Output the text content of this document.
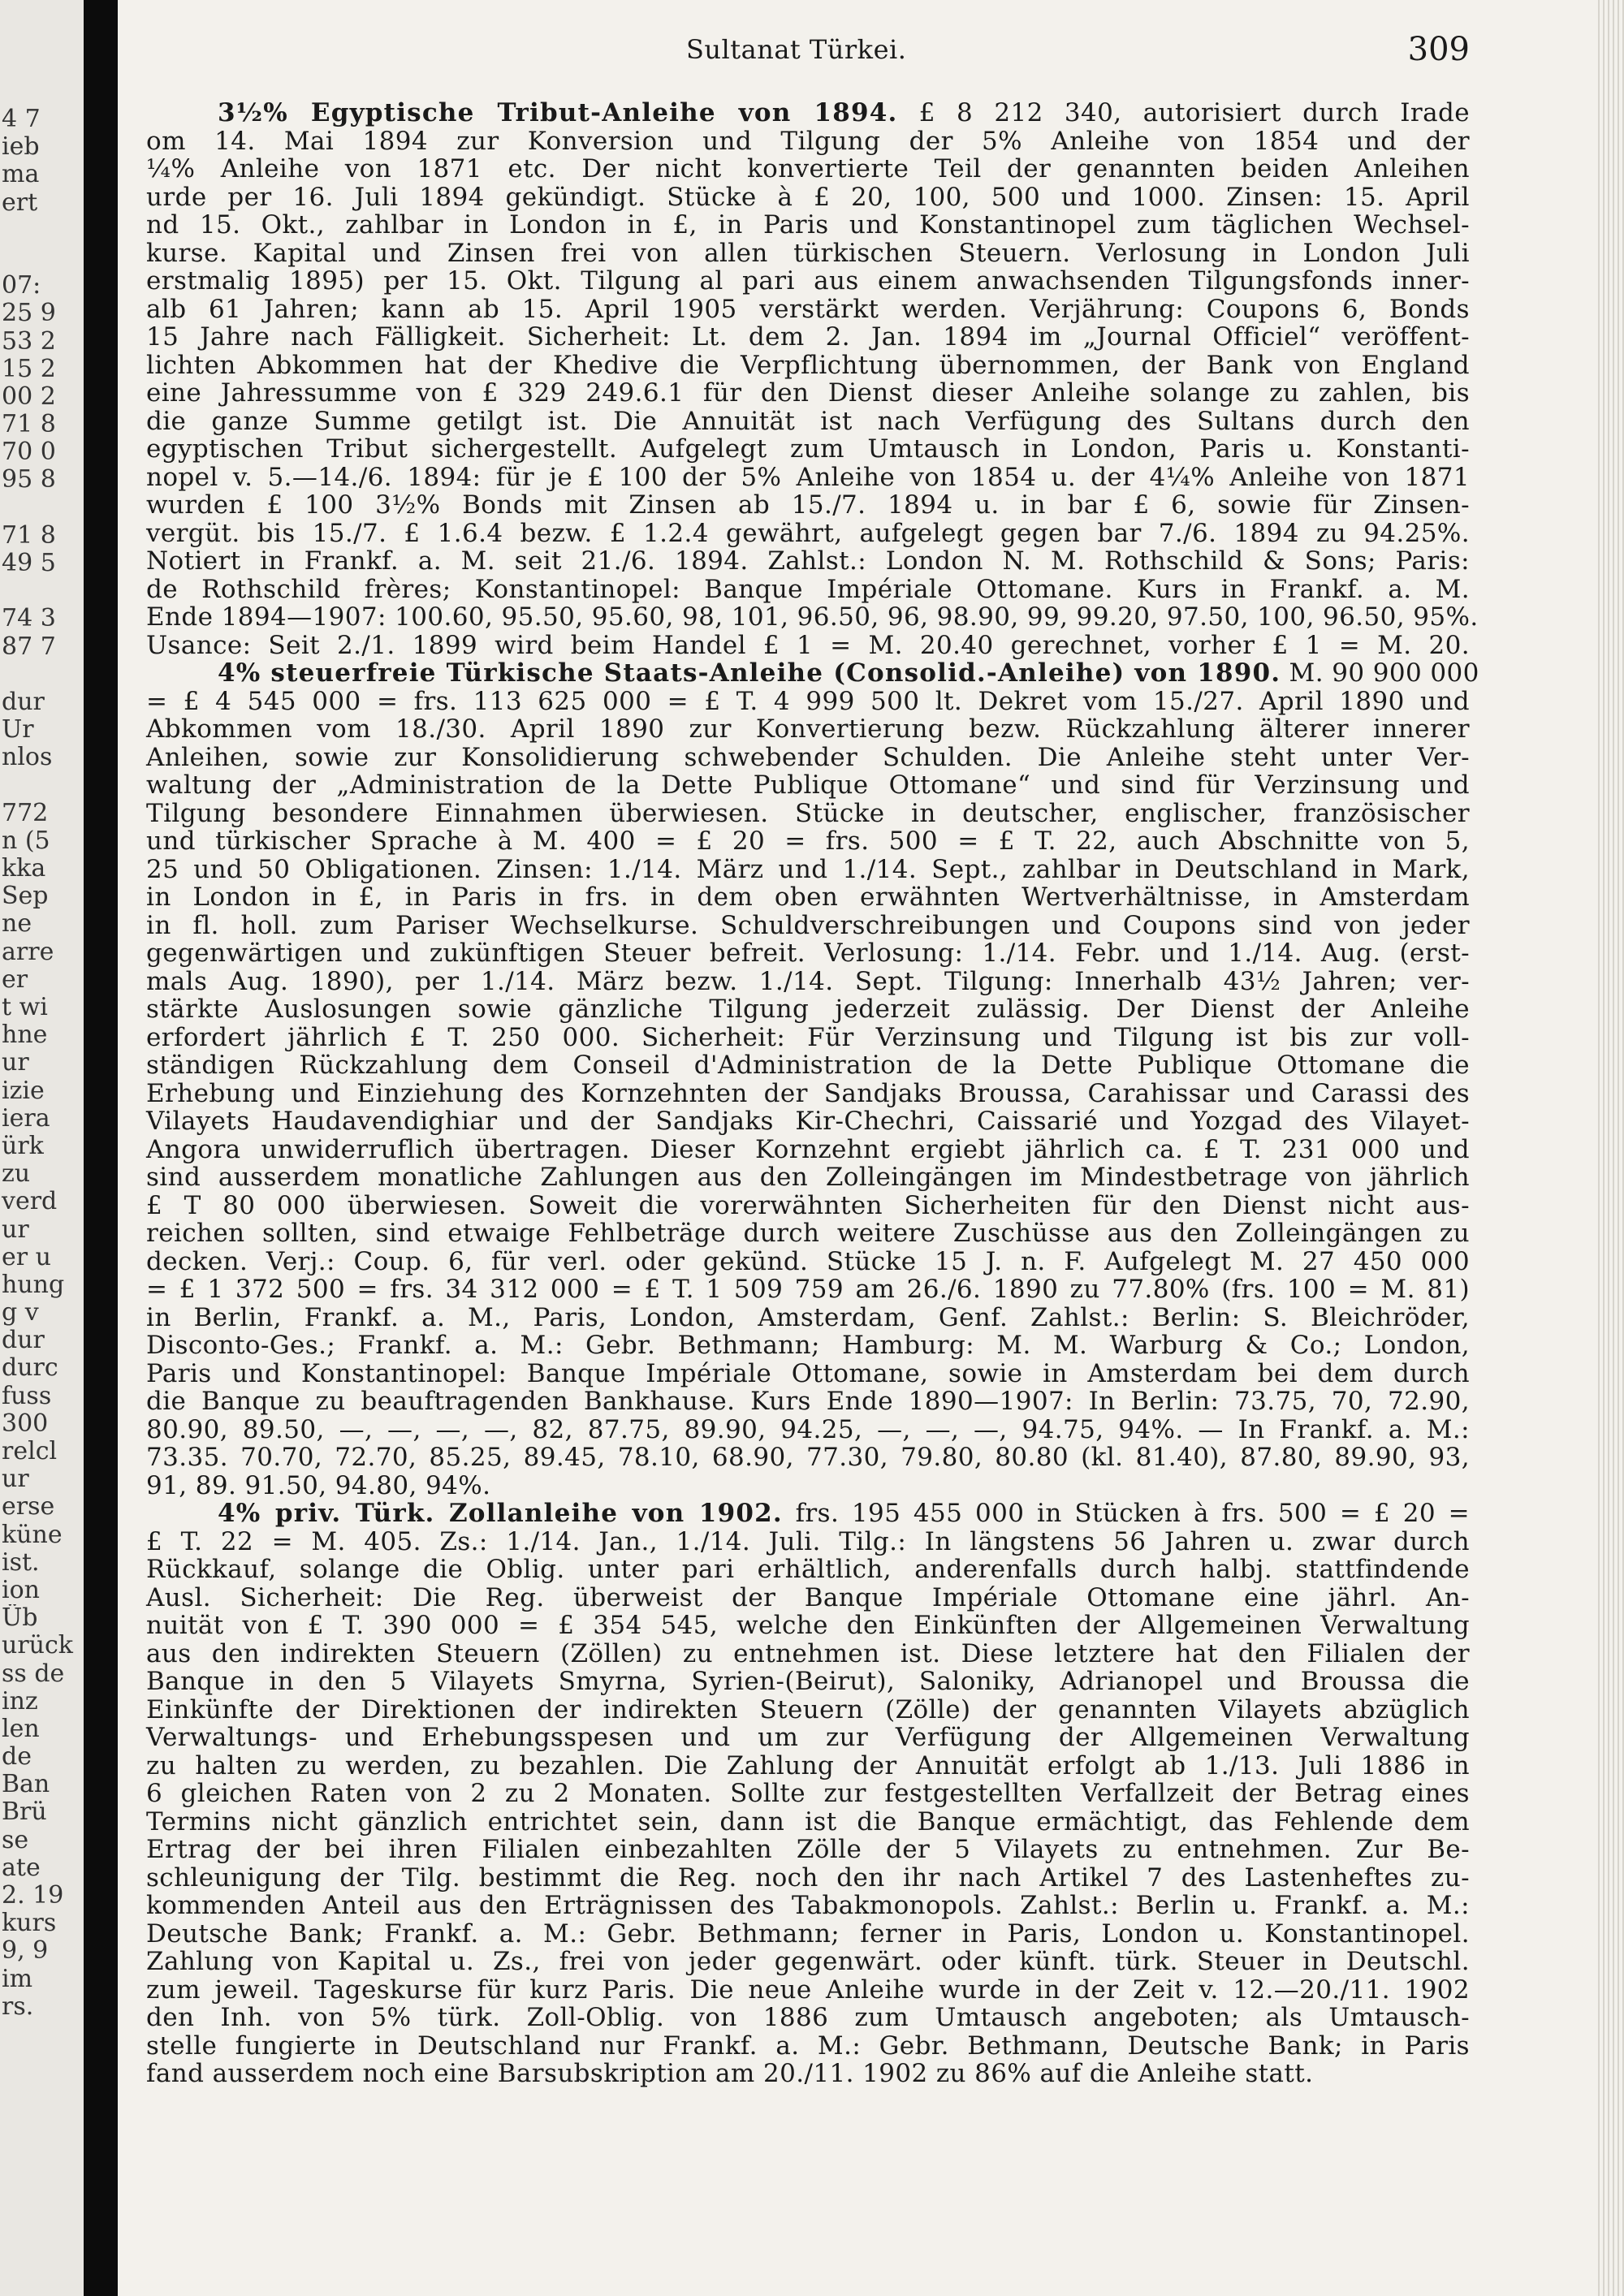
4 7
ieb
ma
ert
07:
25 9
53 2
15 2
00 2
71 8
70 0
95 8
71 8
49 5
74 3
87 7
dur
Ur
nlos
772
n (5
kka
Sep
ne
arre
er
t wi
hne
ur
izie
iera
ürk
zu
verd
ur
er u
hung
g v
dur
durc
fuss
300
relcl
ur
erse
küne
ist.
ion
Üb
urück
ss de
inz
len
de
Ban
Brü
se
ate
2. 19
kurs
9, 9
im
rs.
Sultanat Türkei.	309
3½% Egyptische Tribut-Anleihe von 1894. £ 8 212 340, autorisiert durch Irade
om 14. Mai 1894 zur Konversion und Tilgung der 5% Anleihe von 1854 und der
¼% Anleihe von 1871 etc. Der nicht konvertierte Teil der genannten beiden Anleihen
urde per 16. Juli 1894 gekündigt. Stücke à £ 20, 100, 500 und 1000. Zinsen: 15. April
nd 15. Okt., zahlbar in London in £, in Paris und Konstantinopel zum täglichen Wechsel-
kurse. Kapital und Zinsen frei von allen türkischen Steuern. Verlosung in London Juli
erstmalig 1895) per 15. Okt. Tilgung al pari aus einem anwachsenden Tilgungsfonds inner-
alb 61 Jahren; kann ab 15. April 1905 verstärkt werden. Verjährung: Coupons 6, Bonds
15 Jahre nach Fälligkeit. Sicherheit: Lt. dem 2. Jan. 1894 im „Journal Officiel“ veröffent-
lichten Abkommen hat der Khedive die Verpflichtung übernommen, der Bank von England
eine Jahressumme von £ 329 249.6.1 für den Dienst dieser Anleihe solange zu zahlen, bis
die ganze Summe getilgt ist. Die Annuität ist nach Verfügung des Sultans durch den
egyptischen Tribut sichergestellt. Aufgelegt zum Umtausch in London, Paris u. Konstanti-
nopel v. 5.—14./6. 1894: für je £ 100 der 5% Anleihe von 1854 u. der 4¼% Anleihe von 1871
wurden £ 100 3½% Bonds mit Zinsen ab 15./7. 1894 u. in bar £ 6, sowie für Zinsen-
vergüt. bis 15./7. £ 1.6.4 bezw. £ 1.2.4 gewährt, aufgelegt gegen bar 7./6. 1894 zu 94.25%.
Notiert in Frankf. a. M. seit 21./6. 1894. Zahlst.: London N. M. Rothschild & Sons; Paris:
de Rothschild frères; Konstantinopel: Banque Impériale Ottomane. Kurs in Frankf. a. M.
Ende 1894—1907: 100.60, 95.50, 95.60, 98, 101, 96.50, 96, 98.90, 99, 99.20, 97.50, 100, 96.50, 95%.
Usance: Seit 2./1. 1899 wird beim Handel £ 1 = M. 20.40 gerechnet, vorher £ 1 = M. 20.
4% steuerfreie Türkische Staats-Anleihe (Consolid.-Anleihe) von 1890. M. 90 900 000
= £ 4 545 000 = frs. 113 625 000 = £ T. 4 999 500 lt. Dekret vom 15./27. April 1890 und
Abkommen vom 18./30. April 1890 zur Konvertierung bezw. Rückzahlung älterer innerer
Anleihen, sowie zur Konsolidierung schwebender Schulden. Die Anleihe steht unter Ver-
waltung der „Administration de la Dette Publique Ottomane“ und sind für Verzinsung und
Tilgung besondere Einnahmen überwiesen. Stücke in deutscher, englischer, französischer
und türkischer Sprache à M. 400 = £ 20 = frs. 500 = £ T. 22, auch Abschnitte von 5,
25 und 50 Obligationen. Zinsen: 1./14. März und 1./14. Sept., zahlbar in Deutschland in Mark,
in London in £, in Paris in frs. in dem oben erwähnten Wertverhältnisse, in Amsterdam
in fl. holl. zum Pariser Wechselkurse. Schuldverschreibungen und Coupons sind von jeder
gegenwärtigen und zukünftigen Steuer befreit. Verlosung: 1./14. Febr. und 1./14. Aug. (erst-
mals Aug. 1890), per 1./14. März bezw. 1./14. Sept. Tilgung: Innerhalb 43½ Jahren; ver-
stärkte Auslosungen sowie gänzliche Tilgung jederzeit zulässig. Der Dienst der Anleihe
erfordert jährlich £ T. 250 000. Sicherheit: Für Verzinsung und Tilgung ist bis zur voll-
ständigen Rückzahlung dem Conseil d'Administration de la Dette Publique Ottomane die
Erhebung und Einziehung des Kornzehnten der Sandjaks Broussa, Carahissar und Carassi des
Vilayets Haudavendighiar und der Sandjaks Kir-Chechri, Caissarié und Yozgad des Vilayet-
Angora unwiderruflich übertragen. Dieser Kornzehnt ergiebt jährlich ca. £ T. 231 000 und
sind ausserdem monatliche Zahlungen aus den Zolleingängen im Mindestbetrage von jährlich
£ T 80 000 überwiesen. Soweit die vorerwähnten Sicherheiten für den Dienst nicht aus-
reichen sollten, sind etwaige Fehlbeträge durch weitere Zuschüsse aus den Zolleingängen zu
decken. Verj.: Coup. 6, für verl. oder gekünd. Stücke 15 J. n. F. Aufgelegt M. 27 450 000
= £ 1 372 500 = frs. 34 312 000 = £ T. 1 509 759 am 26./6. 1890 zu 77.80% (frs. 100 = M. 81)
in Berlin, Frankf. a. M., Paris, London, Amsterdam, Genf. Zahlst.: Berlin: S. Bleichröder,
Disconto-Ges.; Frankf. a. M.: Gebr. Bethmann; Hamburg: M. M. Warburg & Co.; London,
Paris und Konstantinopel: Banque Impériale Ottomane, sowie in Amsterdam bei dem durch
die Banque zu beauftragenden Bankhause. Kurs Ende 1890—1907: In Berlin: 73.75, 70, 72.90,
80.90, 89.50, —, —, —, —, 82, 87.75, 89.90, 94.25, —, —, —, 94.75, 94%. — In Frankf. a. M.:
73.35. 70.70, 72.70, 85.25, 89.45, 78.10, 68.90, 77.30, 79.80, 80.80 (kl. 81.40), 87.80, 89.90, 93,
91, 89. 91.50, 94.80, 94%.
4% priv. Türk. Zollanleihe von 1902. frs. 195 455 000 in Stücken à frs. 500 = £ 20 =
£ T. 22 = M. 405. Zs.: 1./14. Jan., 1./14. Juli. Tilg.: In längstens 56 Jahren u. zwar durch
Rückkauf, solange die Oblig. unter pari erhältlich, anderenfalls durch halbj. stattfindende
Ausl. Sicherheit: Die Reg. überweist der Banque Impériale Ottomane eine jährl. An-
nuität von £ T. 390 000 = £ 354 545, welche den Einkünften der Allgemeinen Verwaltung
aus den indirekten Steuern (Zöllen) zu entnehmen ist. Diese letztere hat den Filialen der
Banque in den 5 Vilayets Smyrna, Syrien-(Beirut), Saloniky, Adrianopel und Broussa die
Einkünfte der Direktionen der indirekten Steuern (Zölle) der genannten Vilayets abzüglich
Verwaltungs- und Erhebungsspesen und um zur Verfügung der Allgemeinen Verwaltung
zu halten zu werden, zu bezahlen. Die Zahlung der Annuität erfolgt ab 1./13. Juli 1886 in
6 gleichen Raten von 2 zu 2 Monaten. Sollte zur festgestellten Verfallzeit der Betrag eines
Termins nicht gänzlich entrichtet sein, dann ist die Banque ermächtigt, das Fehlende dem
Ertrag der bei ihren Filialen einbezahlten Zölle der 5 Vilayets zu entnehmen. Zur Be-
schleunigung der Tilg. bestimmt die Reg. noch den ihr nach Artikel 7 des Lastenheftes zu-
kommenden Anteil aus den Erträgnissen des Tabakmonopols. Zahlst.: Berlin u. Frankf. a. M.:
Deutsche Bank; Frankf. a. M.: Gebr. Bethmann; ferner in Paris, London u. Konstantinopel.
Zahlung von Kapital u. Zs., frei von jeder gegenwärt. oder künft. türk. Steuer in Deutschl.
zum jeweil. Tageskurse für kurz Paris. Die neue Anleihe wurde in der Zeit v. 12.—20./11. 1902
den Inh. von 5% türk. Zoll-Oblig. von 1886 zum Umtausch angeboten; als Umtausch-
stelle fungierte in Deutschland nur Frankf. a. M.: Gebr. Bethmann, Deutsche Bank; in Paris
fand ausserdem noch eine Barsubskription am 20./11. 1902 zu 86% auf die Anleihe statt.
